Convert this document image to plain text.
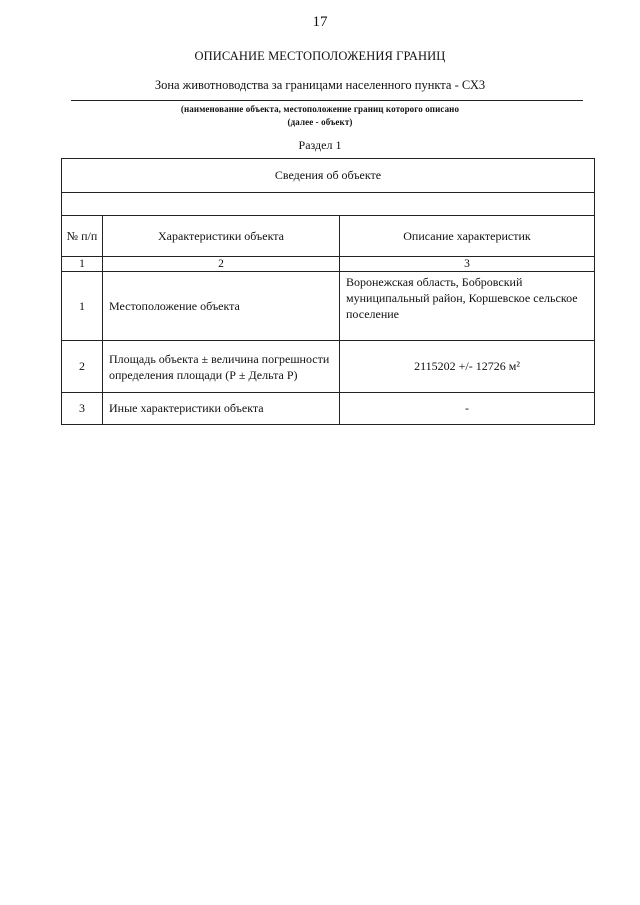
17
ОПИСАНИЕ МЕСТОПОЛОЖЕНИЯ ГРАНИЦ
Зона животноводства за границами населенного пункта - СХ3
(наименование объекта, местоположение границ которого описано
(далее - объект)
Раздел 1
Сведения об объекте		

№ п/п	Характеристики объекта	Описание характеристик
1	2	3
1	Местоположение объекта	Воронежская область, Бобровский муниципальный район, Коршевское сельское поселение
2	Площадь объекта ± величина погрешности определения площади (Р ± Дельта Р)	2115202 +/- 12726 м²
3	Иные характеристики объекта	-
